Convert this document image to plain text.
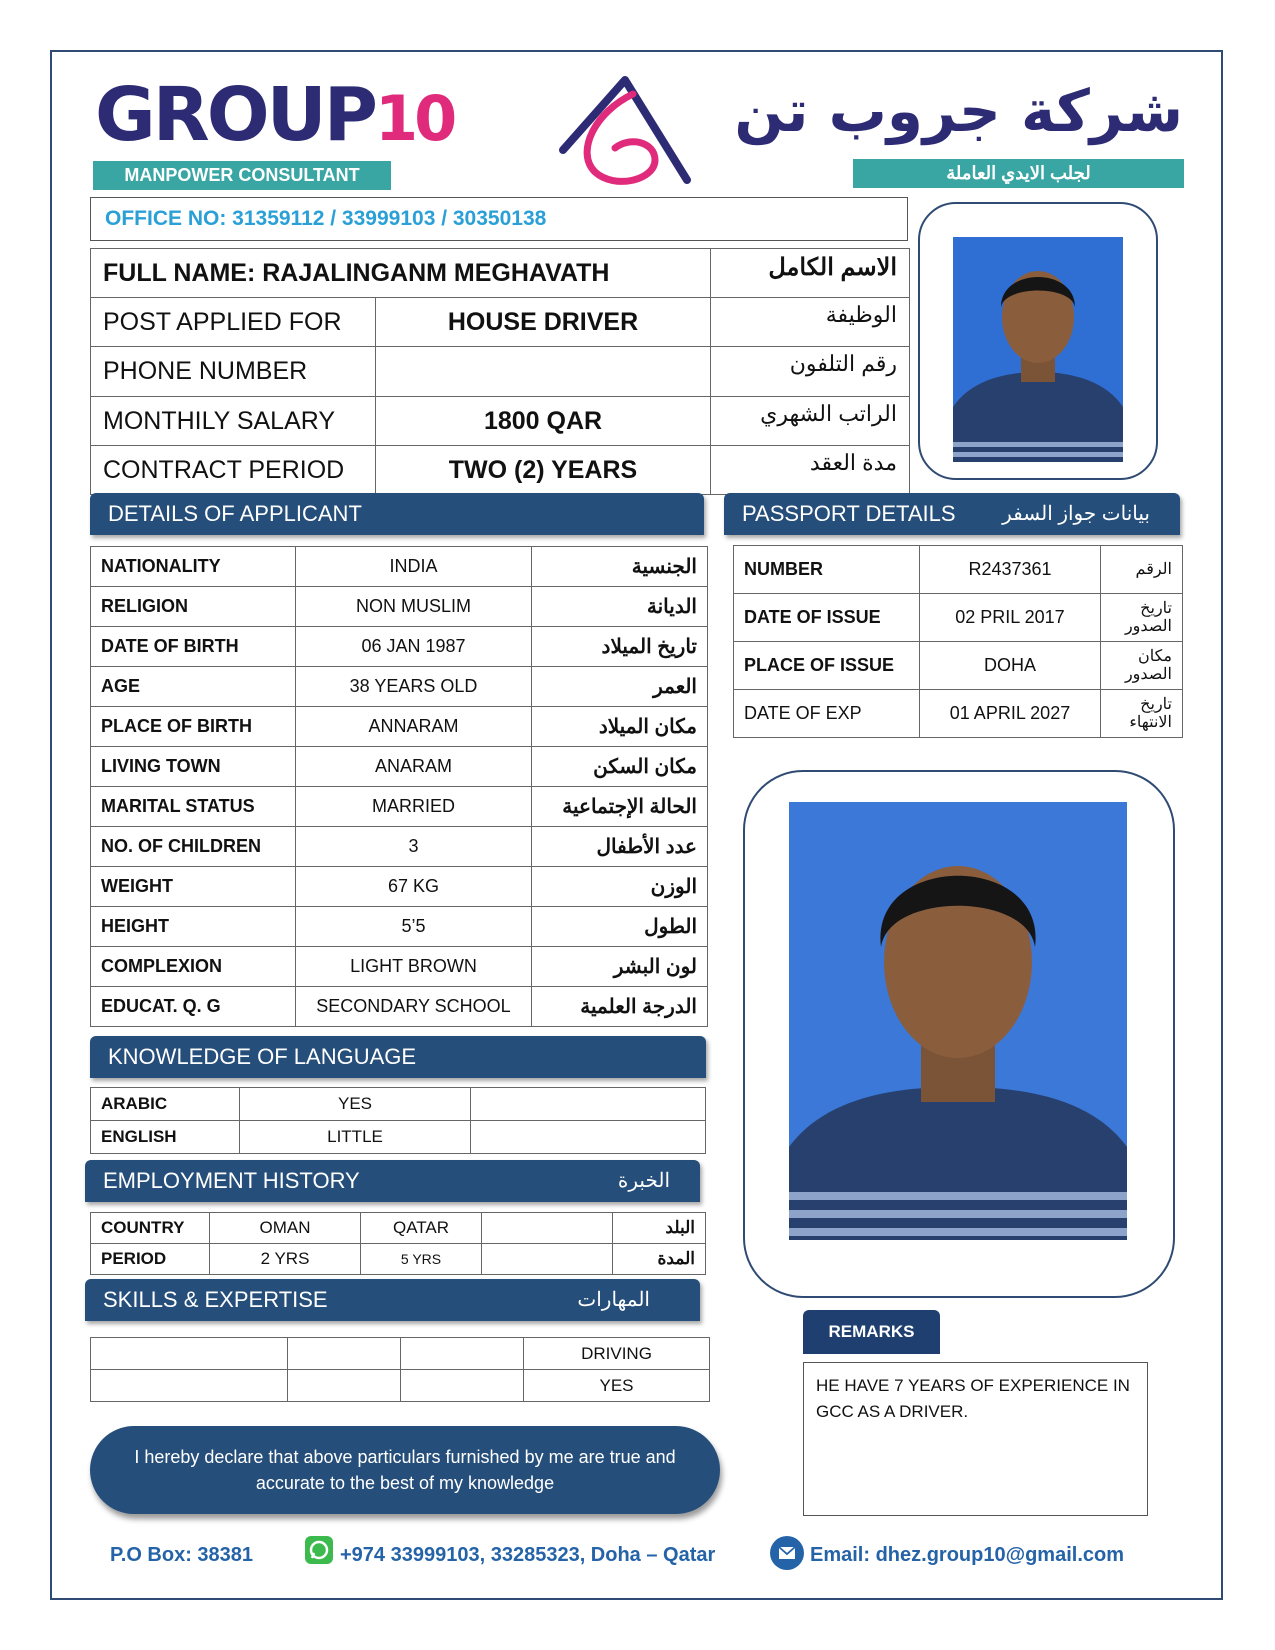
GROUP10
MANPOWER CONSULTANT
شركة جروب تن
لجلب الايدي العاملة
OFFICE NO: 31359112 / 33999103 / 30350138
FULL NAME: RAJALINGANM MEGHAVATH		الاسم الكامل
POST APPLIED FOR	HOUSE DRIVER	الوظيفة
PHONE NUMBER		رقم التلفون
MONTHILY SALARY	1800 QAR	الراتب الشهري
CONTRACT PERIOD	TWO (2) YEARS	مدة العقد
DETAILS OF APPLICANT
NATIONALITY	INDIA	الجنسية
RELIGION	NON MUSLIM	الديانة
DATE OF BIRTH	06 JAN 1987	تاريخ الميلاد
AGE	38 YEARS OLD	العمر
PLACE OF BIRTH	ANNARAM	مكان الميلاد
LIVING TOWN	ANARAM	مكان السكن
MARITAL STATUS	MARRIED	الحالة الإجتماعية
NO. OF CHILDREN	3	عدد الأطفال
WEIGHT	67 KG	الوزن
HEIGHT	5’5	الطول
COMPLEXION	LIGHT BROWN	لون البشر
EDUCAT. Q. G	SECONDARY SCHOOL	الدرجة العلمية
PASSPORT DETAILS بيانات جواز السفر
NUMBER	R2437361	الرقم
DATE OF ISSUE	02 PRIL 2017	تاريخ الصدور
PLACE OF ISSUE	DOHA	مكان الصدور
DATE OF EXP	01 APRIL 2027	تاريخ الانتهاء
KNOWLEDGE OF LANGUAGE
ARABIC	YES	
ENGLISH	LITTLE	
EMPLOYMENT HISTORY	الخبرة
COUNTRY	OMAN	QATAR		البلد
PERIOD	2 YRS	5 YRS		المدة
SKILLS & EXPERTISE	المهارات
			DRIVING
			YES
I hereby declare that above particulars furnished by me are true and accurate to the best of my knowledge
REMARKS
HE HAVE 7 YEARS OF EXPERIENCE IN GCC AS A DRIVER.
P.O Box: 38381	+974 33999103, 33285323, Doha – Qatar	Email: dhez.group10@gmail.com
